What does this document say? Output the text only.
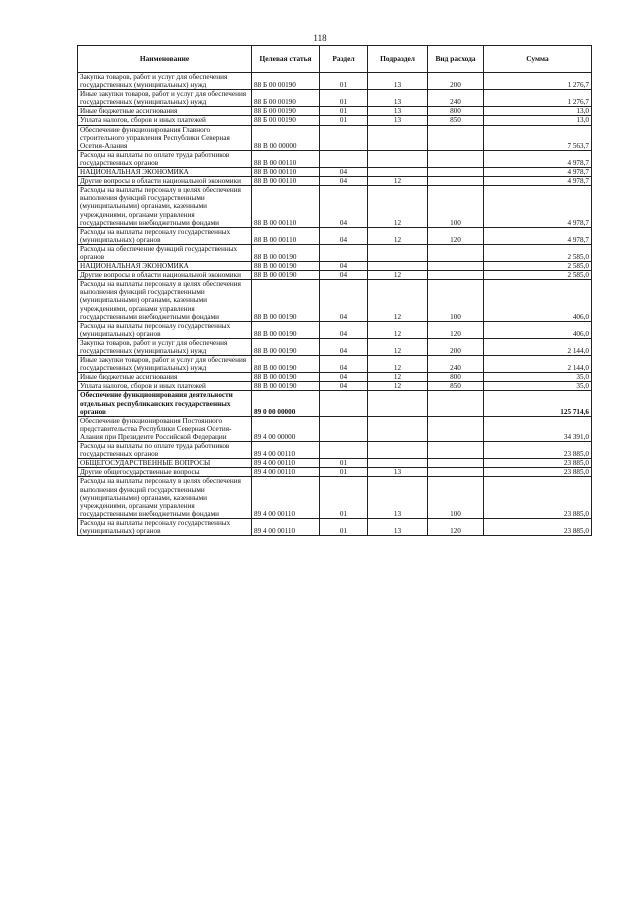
118
Наименование	Целевая статья	Раздел	Подраздел	Вид расхода	Сумма
Закупка товаров, работ и услуг для обеспечения государственных (муниципальных) нужд	88 Б 00 00190	01	13	200	1 276,7
Иные закупки товаров, работ и услуг для обеспечения государственных (муниципальных) нужд	88 Б 00 00190	01	13	240	1 276,7
Иные бюджетные ассигнования	88 Б 00 00190	01	13	800	13,0
Уплата налогов, сборов и иных платежей	88 Б 00 00190	01	13	850	13,0
Обеспечение функционирования Главного строительного управления Республики Северная Осетия-Алания	88 В 00 00000				7 563,7
Расходы на выплаты по оплате труда работников государственных органов	88 В 00 00110				4 978,7
НАЦИОНАЛЬНАЯ ЭКОНОМИКА	88 В 00 00110	04			4 978,7
Другие вопросы в области национальной экономики	88 В 00 00110	04	12		4 978,7
Расходы на выплаты персоналу в целях обеспечения выполнения функций государственными (муниципальными) органами, казенными учреждениями, органами управления государственными внебюджетными фондами	88 В 00 00110	04	12	100	4 978,7
Расходы на выплаты персоналу государственных (муниципальных) органов	88 В 00 00110	04	12	120	4 978,7
Расходы на обеспечение функций государственных органов	88 В 00 00190				2 585,0
НАЦИОНАЛЬНАЯ ЭКОНОМИКА	88 В 00 00190	04			2 585,0
Другие вопросы в области национальной экономики	88 В 00 00190	04	12		2 585,0
Расходы на выплаты персоналу в целях обеспечения выполнения функций государственными (муниципальными) органами, казенными учреждениями, органами управления государственными внебюджетными фондами	88 В 00 00190	04	12	100	406,0
Расходы на выплаты персоналу государственных (муниципальных) органов	88 В 00 00190	04	12	120	406,0
Закупка товаров, работ и услуг для обеспечения государственных (муниципальных) нужд	88 В 00 00190	04	12	200	2 144,0
Иные закупки товаров, работ и услуг для обеспечения государственных (муниципальных) нужд	88 В 00 00190	04	12	240	2 144,0
Иные бюджетные ассигнования	88 В 00 00190	04	12	800	35,0
Уплата налогов, сборов и иных платежей	88 В 00 00190	04	12	850	35,0
Обеспечение функционирования деятельности отдельных республиканских государственных органов	89 0 00 00000				125 714,6
Обеспечение функционирования Постоянного представительства Республики Северная Осетия-Алания при Президенте Российской Федерации	89 4 00 00000				34 391,0
Расходы на выплаты по оплате труда работников государственных органов	89 4 00 00110				23 885,0
ОБЩЕГОСУДАРСТВЕННЫЕ ВОПРОСЫ	89 4 00 00110	01			23 885,0
Другие общегосударственные вопросы	89 4 00 00110	01	13		23 885,0
Расходы на выплаты персоналу в целях обеспечения выполнения функций государственными (муниципальными) органами, казенными учреждениями, органами управления государственными внебюджетными фондами	89 4 00 00110	01	13	100	23 885,0
Расходы на выплаты персоналу государственных (муниципальных) органов	89 4 00 00110	01	13	120	23 885,0
